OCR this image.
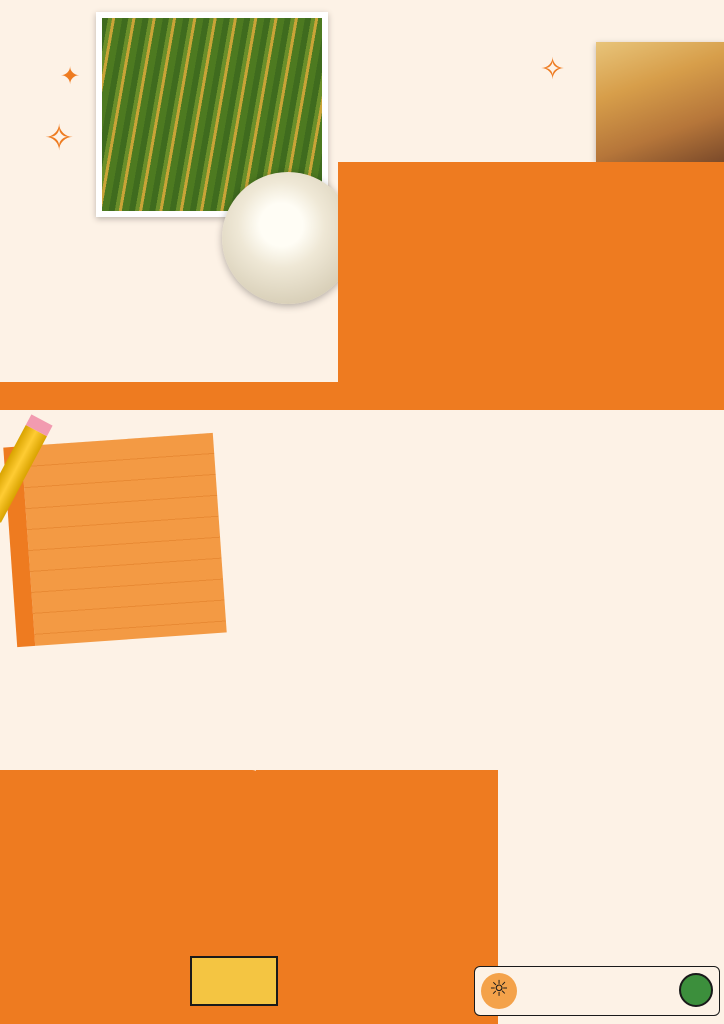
✦
✧
✧

☼
